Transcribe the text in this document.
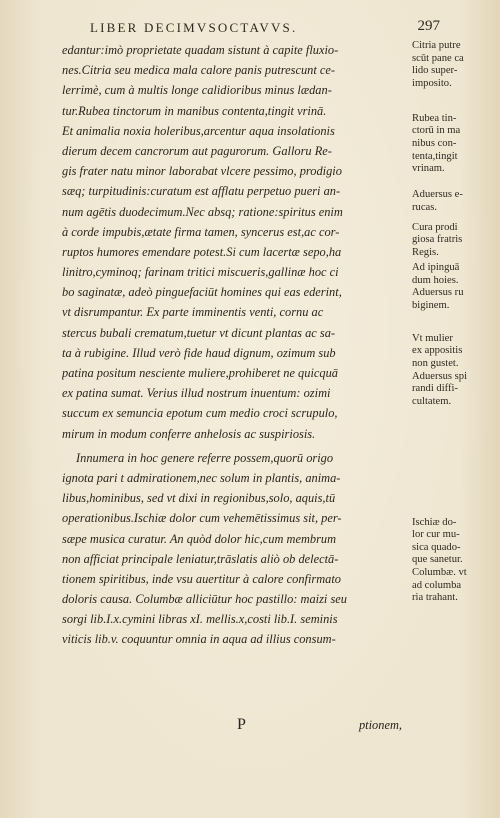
LIBER DECIMVSOCTAVVS.	297
edantur:imò proprietate quadam sistunt à capite fluxio-
nes.Citria seu medica mala calore panis putrescunt ce-
lerrimè, cum à multis longe calidioribus minus lædan-
tur.Rubea tinctorum in manibus contenta,tingit vrinā.
Et animalia noxia holeribus,arcentur aqua insolationis
dierum decem cancrorum aut pagurorum. Galloru Re-
gis frater natu minor laborabat vlcere pessimo, prodigio
sæq; turpitudinis:curatum est afflatu perpetuo pueri an-
num agētis duodecimum.Nec absq; ratione:spiritus enim
à corde impubis,ætate firma tamen, syncerus est,ac cor-
ruptos humores emendare potest.Si cum lacertæ sepo,ha
linitro,cyminoq; farinam tritici miscueris,gallinæ hoc ci
bo saginatæ, adeò pinguefaciūt homines qui eas ederint,
vt disrumpantur. Ex parte imminentis venti, cornu ac
stercus bubali crematum,tuetur vt dicunt plantas ac sa-
ta à rubigine. Illud verò fide haud dignum, ozimum sub
patina positum nesciente muliere,prohiberet ne quicquā
ex patina sumat. Verius illud nostrum inuentum: ozimi
succum ex semuncia epotum cum medio croci scrupulo,
mirum in modum conferre anhelosis ac suspiriosis.
Innumera in hoc genere referre possem,quorū origo
ignota pari t admirationem,nec solum in plantis, anima-
libus,hominibus, sed vt dixi in regionibus,solo, aquis,tū
operationibus.Ischiæ dolor cum vehemētissimus sit, per-
sæpe musica curatur. An quòd dolor hic,cum membrum
non afficiat principale leniatur,trāslatis aliò ob delectā-
tionem spiritibus, inde vsu auertitur à calore confirmato
doloris causa. Columbæ alliciūtur hoc pastillo: maizi seu
sorgi lib.I.x.cymini libras xI. mellis.x,costi lib.I. seminis
viticis lib.v. coquuntur omnia in aqua ad illius consum-
Citria putre
scūt pane ca
lido super-
imposito.
Rubea tin-
ctorū in ma
nibus con-
tenta,tingit
vrinam.
Aduersus e-
rucas.
Cura prodi
giosa fratris
Regis.
Ad ipinguā
dum hoies.
Aduersus ru
biginem.
Vt mulier
ex appositis
non gustet.
Aduersus spi
randi diffi-
cultatem.
Ischiæ do-
lor cur mu-
sica quado-
que sanetur.
Columbæ. vt
ad columba
ria trahant.
P	ptionem,
